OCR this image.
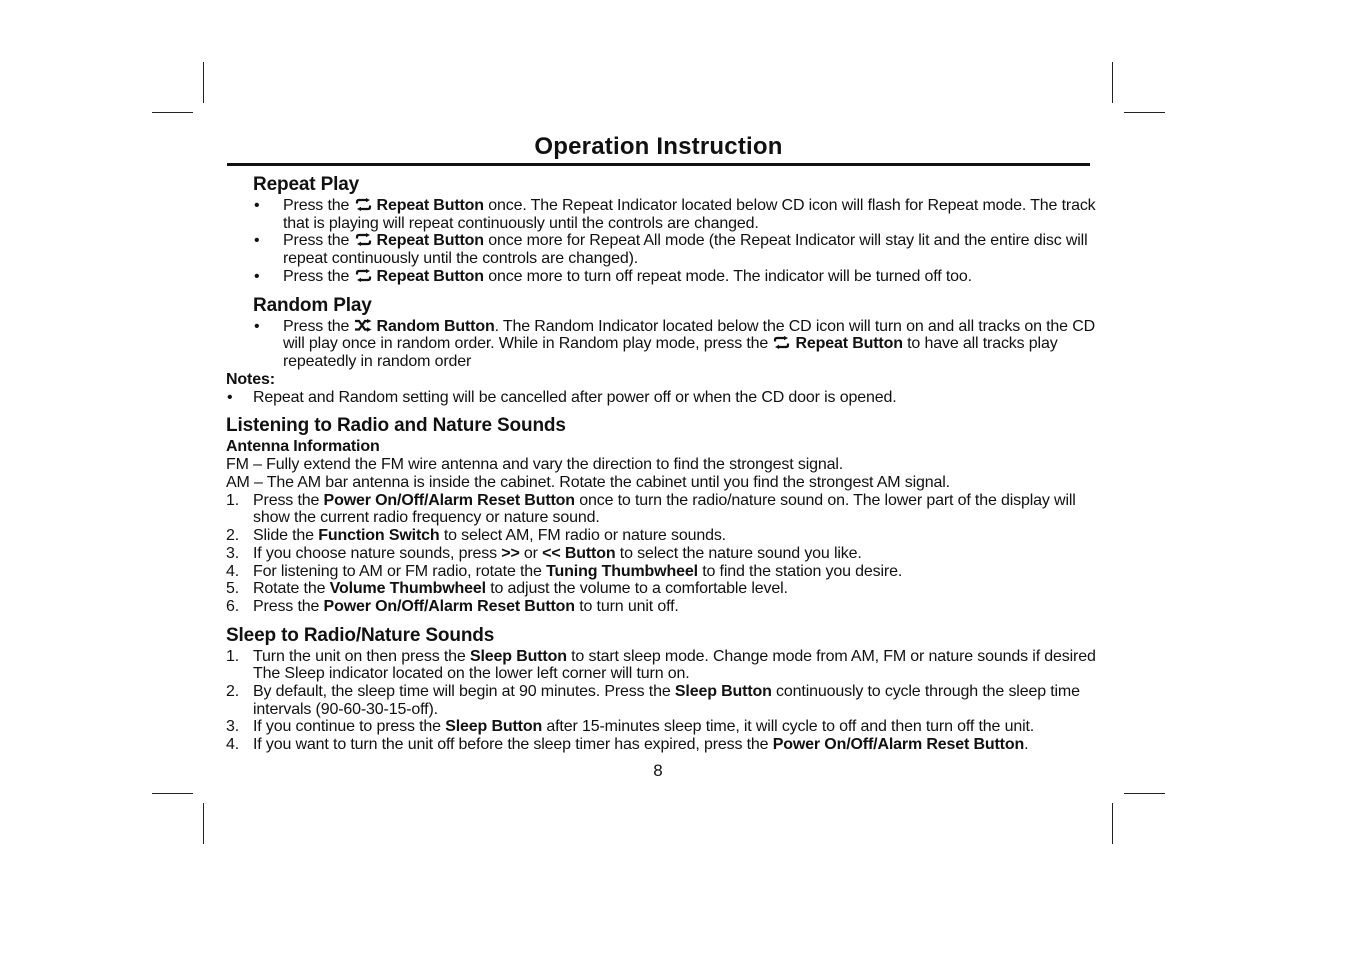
Operation Instruction
Repeat Play
• Press the
Repeat Button once. The Repeat Indicator located below CD icon will flash for Repeat mode. The track that is playing will repeat continuously until the controls are changed.
• Press the
Repeat Button once more for Repeat All mode (the Repeat Indicator will stay lit and the entire disc will repeat continuously until the controls are changed).
• Press the
Repeat Button once more to turn off repeat mode. The indicator will be turned off too.
Random Play
• Press the
Random Button. The Random Indicator located below the CD icon will turn on and all tracks on the CD will play once in random order. While in Random play mode, press the
Repeat Button to have all tracks play repeatedly in random order
Notes:
• Repeat and Random setting will be cancelled after power off or when the CD door is opened.
Listening to Radio and Nature Sounds

Antenna Information

FM – Fully extend the FM wire antenna and vary the direction to find the strongest signal.

AM – The AM bar antenna is inside the cabinet. Rotate the cabinet until you find the strongest AM signal.

1. Press the Power On/Off/Alarm Reset Button once to turn the radio/nature sound on. The lower part of the display will show the current radio frequency or nature sound.
2. Slide the Function Switch to select AM, FM radio or nature sounds.
3. If you choose nature sounds, press >> or << Button to select the nature sound you like.
4. For listening to AM or FM radio, rotate the Tuning Thumbwheel to find the station you desire.
5. Rotate the Volume Thumbwheel to adjust the volume to a comfortable level.
6. Press the Power On/Off/Alarm Reset Button to turn unit off.
Sleep to Radio/Nature Sounds
1. Turn the unit on then press the Sleep Button to start sleep mode. Change mode from AM, FM or nature sounds if desired The Sleep indicator located on the lower left corner will turn on.
2. By default, the sleep time will begin at 90 minutes. Press the Sleep Button continuously to cycle through the sleep time intervals (90-60-30-15-off).
3. If you continue to press the Sleep Button after 15-minutes sleep time, it will cycle to off and then turn off the unit.
4. If you want to turn the unit off before the sleep timer has expired, press the Power On/Off/Alarm Reset Button.
8
